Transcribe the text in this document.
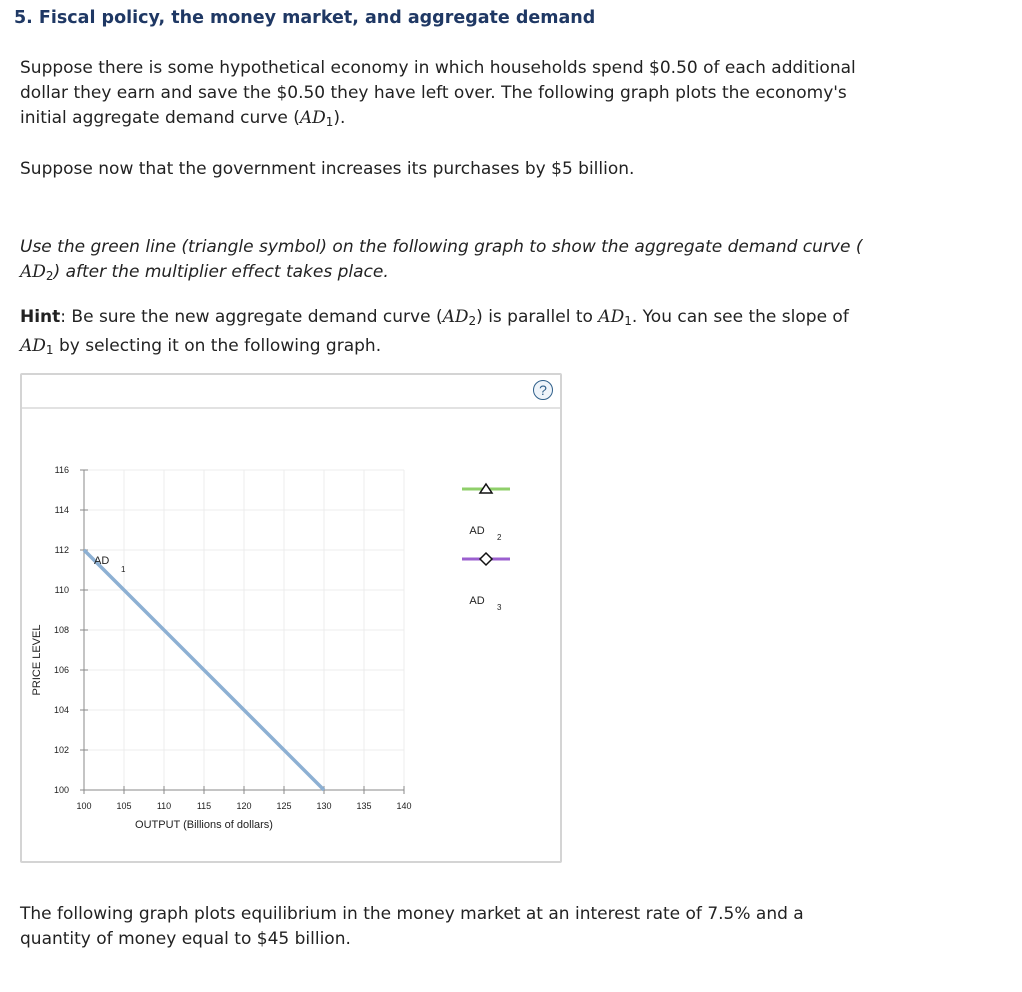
5. Fiscal policy, the money market, and aggregate demand
Suppose there is some hypothetical economy in which households spend $0.50 of each additional
dollar they earn and save the $0.50 they have left over. The following graph plots the economy's
initial aggregate demand curve $(AD_1)$.
Suppose now that the government increases its purchases by $5 billion.
Use the green line (triangle symbol) on the following graph to show the aggregate demand curve (
$AD_2$) after the multiplier effect takes place.
Hint: Be sure the new aggregate demand curve $(AD_2)$ is parallel to $AD_1$. You can see the slope of
$AD_1$ by selecting it on the following graph.
?
100	105	110	115	120	125	130	135	140
100
102
104
106
108
110
112
114
116
PRICE LEVEL
OUTPUT (Billions of dollars)
AD
1
AD
2
AD
3
The following graph plots equilibrium in the money market at an interest rate of 7.5% and a
quantity of money equal to $45 billion.
